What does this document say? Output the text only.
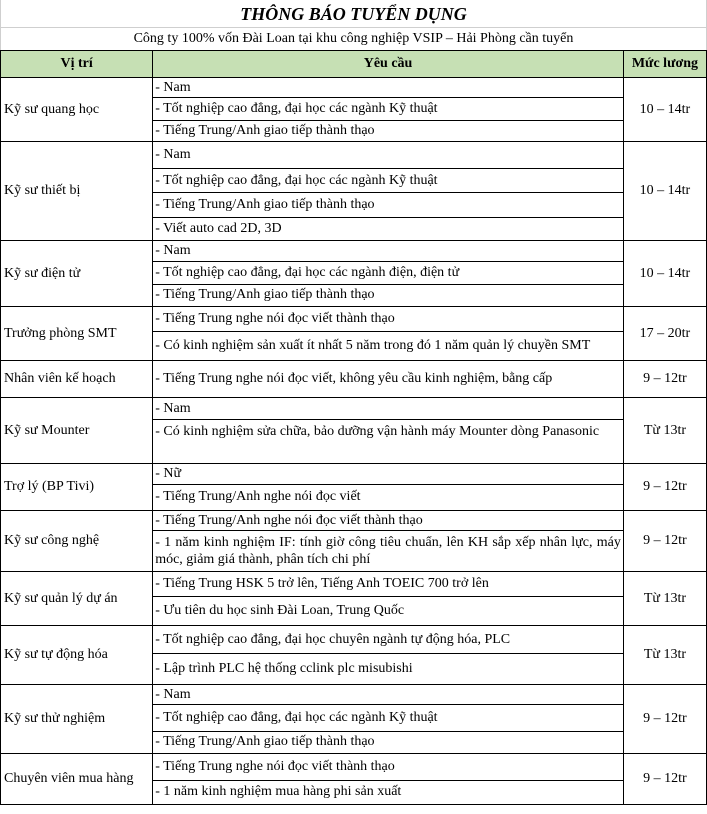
THÔNG BÁO TUYỂN DỤNG
Công ty 100% vốn Đài Loan tại khu công nghiệp VSIP – Hải Phòng cần tuyển
Vị trí	Yêu cầu	Mức lương
Kỹ sư quang học	- Nam
- Tốt nghiệp cao đẳng, đại học các ngành Kỹ thuật
- Tiếng Trung/Anh giao tiếp thành thạo	10 – 14tr
Kỹ sư thiết bị	- Nam
- Tốt nghiệp cao đẳng, đại học các ngành Kỹ thuật
- Tiếng Trung/Anh giao tiếp thành thạo
- Viết auto cad 2D, 3D	10 – 14tr
Kỹ sư điện tử	- Nam
- Tốt nghiệp cao đẳng, đại học các ngành điện, điện tử
- Tiếng Trung/Anh giao tiếp thành thạo	10 – 14tr
Trưởng phòng SMT	- Tiếng Trung nghe nói đọc viết thành thạo
- Có kinh nghiệm sản xuất ít nhất 5 năm trong đó 1 năm quản lý chuyền SMT	17 – 20tr
Nhân viên kế hoạch	- Tiếng Trung nghe nói đọc viết, không yêu cầu kinh nghiệm, bằng cấp	9 – 12tr
Kỹ sư Mounter	- Nam
- Có kinh nghiệm sửa chữa, bảo dưỡng vận hành máy Mounter dòng Panasonic	Từ 13tr
Trợ lý (BP Tivi)	- Nữ
- Tiếng Trung/Anh nghe nói đọc viết	9 – 12tr
Kỹ sư công nghệ	- Tiếng Trung/Anh nghe nói đọc viết thành thạo
- 1 năm kinh nghiệm IF: tính giờ công tiêu chuẩn, lên KH sắp xếp nhân lực, máy móc, giảm giá thành, phân tích chi phí	9 – 12tr
Kỹ sư quản lý dự án	- Tiếng Trung HSK 5 trở lên, Tiếng Anh TOEIC 700 trở lên
- Ưu tiên du học sinh Đài Loan, Trung Quốc	Từ 13tr
Kỹ sư tự động hóa	- Tốt nghiệp cao đẳng, đại học chuyên ngành tự động hóa, PLC
- Lập trình PLC hệ thống cclink plc misubishi	Từ 13tr
Kỹ sư thử nghiệm	- Nam
- Tốt nghiệp cao đẳng, đại học các ngành Kỹ thuật
- Tiếng Trung/Anh giao tiếp thành thạo	9 – 12tr
Chuyên viên mua hàng	- Tiếng Trung nghe nói đọc viết thành thạo
- 1 năm kinh nghiệm mua hàng phi sản xuất	9 – 12tr
